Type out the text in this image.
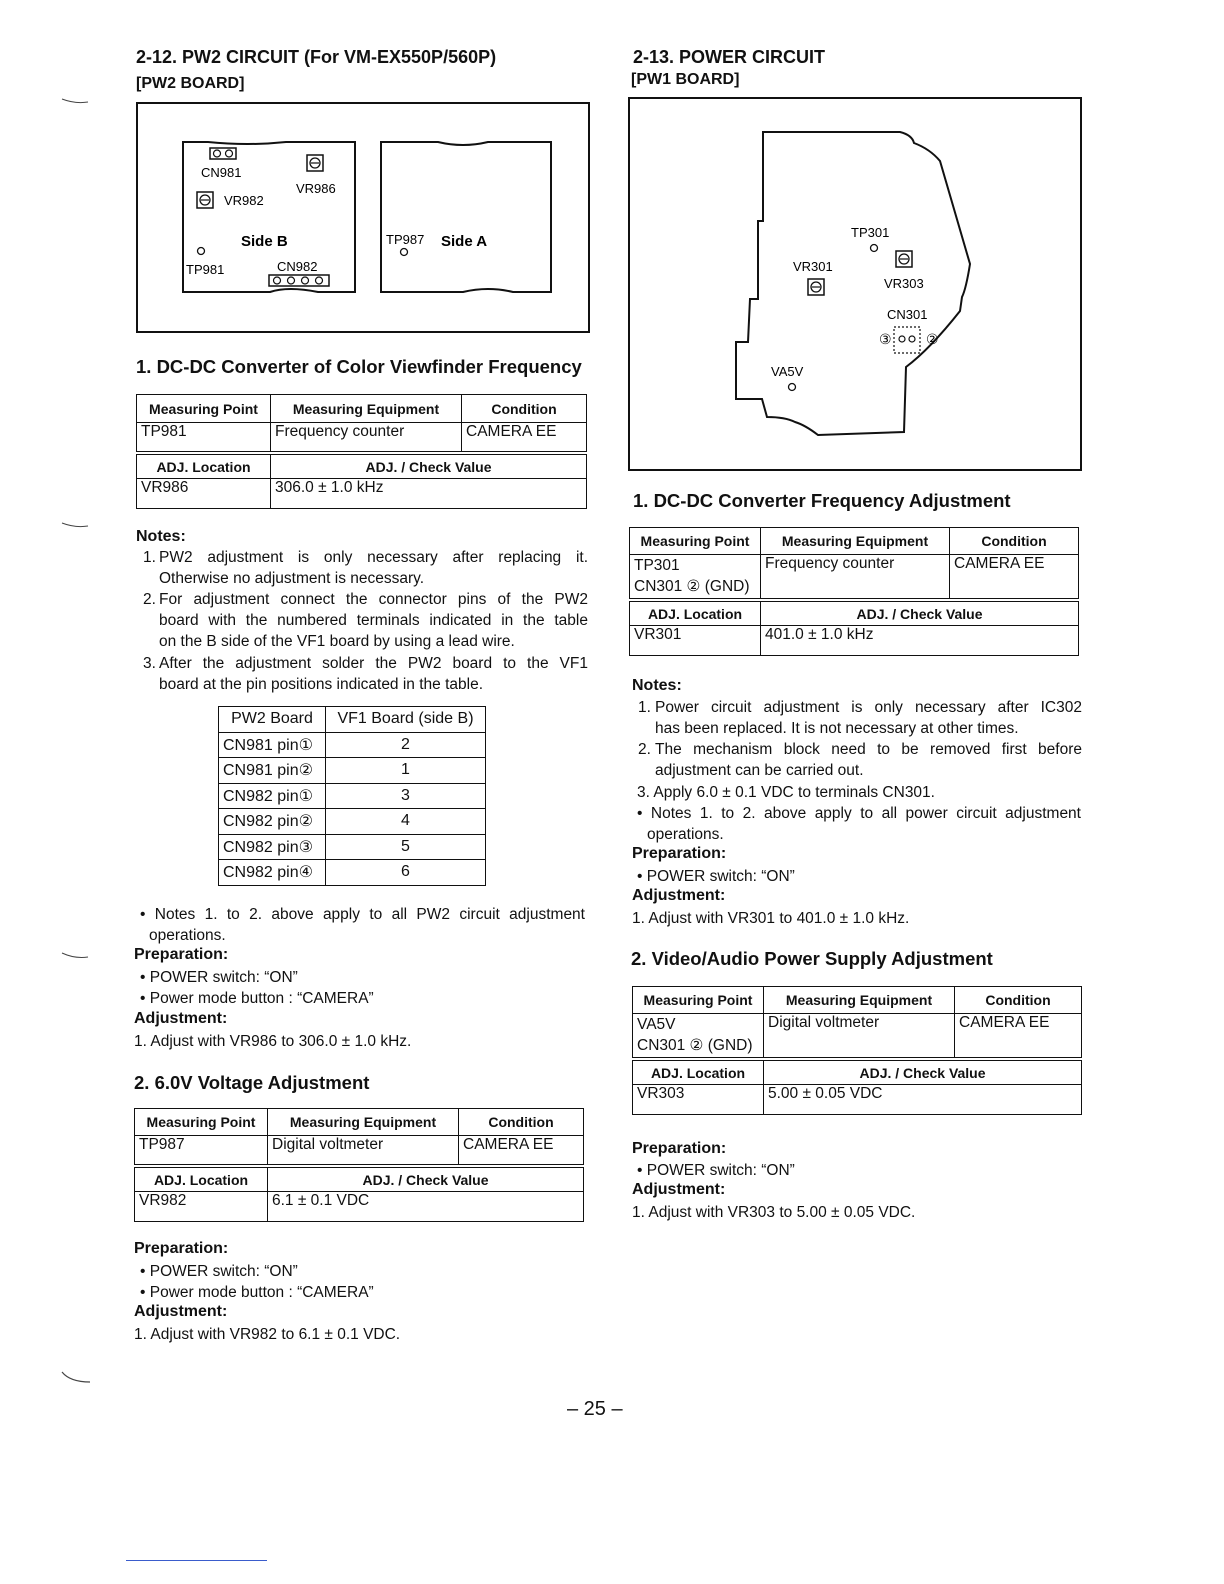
2-12. PW2 CIRCUIT (For VM-EX550P/560P)
[PW2 BOARD]
CN981
VR986
VR982
Side B
TP981	CN982
TP987 Side A
1. DC-DC Converter of Color Viewfinder Frequency
Measuring Point	Measuring Equipment	Condition
TP981	Frequency counter	CAMERA EE

ADJ. Location	ADJ. / Check Value	
VR986	306.0 ± 1.0 kHz	
Notes:
1. PW2 adjustment is only necessary after replacing it.
Otherwise no adjustment is necessary.
2. For adjustment connect the connector pins of the PW2
board with the numbered terminals indicated in the table
on the B side of the VF1 board by using a lead wire.
3. After the adjustment solder the PW2 board to the VF1
board at the pin positions indicated in the table.
PW2 Board	VF1 Board (side B)
CN981 pin①	2
CN981 pin②	1
CN982 pin①	3
CN982 pin②	4
CN982 pin③	5
CN982 pin④	6
• Notes 1. to 2. above apply to all PW2 circuit adjustment
operations.
Preparation:
• POWER switch: “ON”
• Power mode button : “CAMERA”
Adjustment:
1. Adjust with VR986 to 306.0 ± 1.0 kHz.
2. 6.0V Voltage Adjustment
Measuring Point	Measuring Equipment	Condition
TP987	Digital voltmeter	CAMERA EE

ADJ. Location	ADJ. / Check Value	
VR982	6.1 ± 0.1 VDC	
Preparation:
• POWER switch: “ON”
• Power mode button : “CAMERA”
Adjustment:
1. Adjust with VR982 to 6.1 ± 0.1 VDC.
2-13. POWER CIRCUIT
[PW1 BOARD]
TP301
VR301
VR303
CN301
③ ②
VA5V
1. DC-DC Converter Frequency Adjustment
Measuring Point	Measuring Equipment	Condition

TP301
CN301 ② (GND)	Frequency counter	CAMERA EE

ADJ. Location	ADJ. / Check Value	
VR301	401.0 ± 1.0 kHz	
Notes:
1. Power circuit adjustment is only necessary after IC302
has been replaced. It is not necessary at other times.
2. The mechanism block need to be removed first before
adjustment can be carried out.
3. Apply 6.0 ± 0.1 VDC to terminals CN301.
• Notes 1. to 2. above apply to all power circuit adjustment
operations.
Preparation:
• POWER switch: “ON”
Adjustment:
1. Adjust with VR301 to 401.0 ± 1.0 kHz.
2. Video/Audio Power Supply Adjustment
Measuring Point	Measuring Equipment	Condition

VA5V
CN301 ② (GND)	Digital voltmeter	CAMERA EE

ADJ. Location	ADJ. / Check Value	
VR303	5.00 ± 0.05 VDC	
Preparation:
• POWER switch: “ON”
Adjustment:
1. Adjust with VR303 to 5.00 ± 0.05 VDC.
– 25 –
